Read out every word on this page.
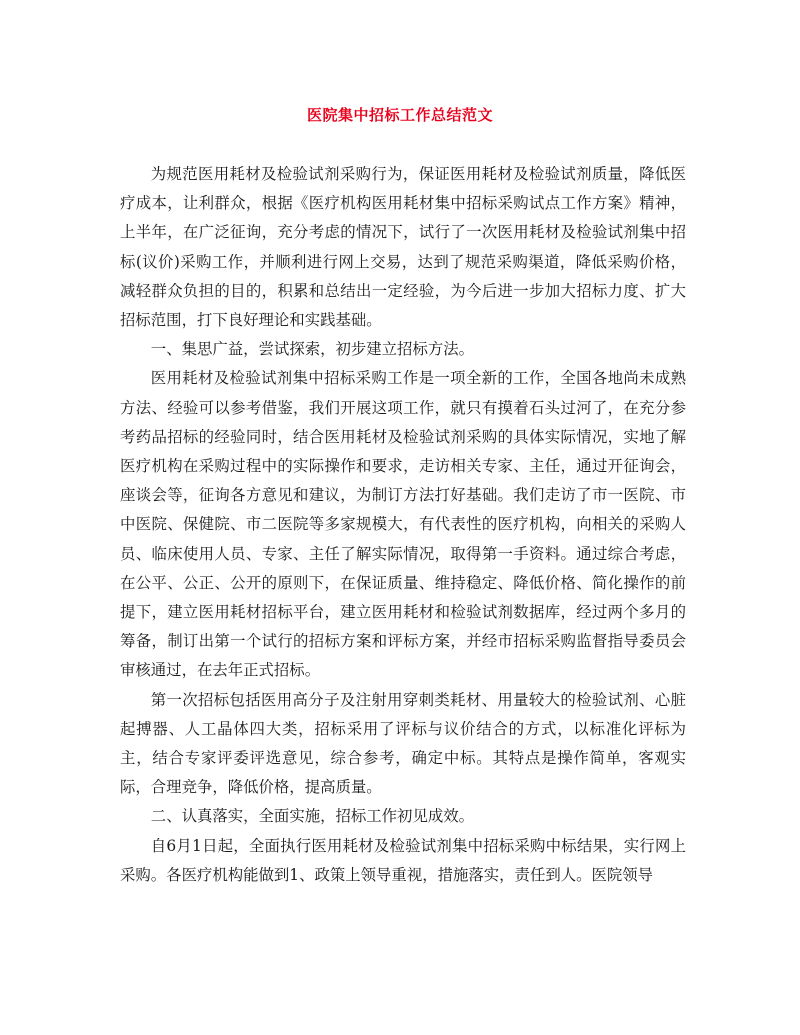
医院集中招标工作总结范文

为规范医用耗材及检验试剂采购行为，保证医用耗材及检验试剂质量，降低医疗成本，让利群众，根据《医疗机构医用耗材集中招标采购试点工作方案》精神，上半年，在广泛征询，充分考虑的情况下，试行了一次医用耗材及检验试剂集中招标(议价)采购工作，并顺利进行网上交易，达到了规范采购渠道，降低采购价格，减轻群众负担的目的，积累和总结出一定经验，为今后进一步加大招标力度、扩大招标范围，打下良好理论和实践基础。

一、集思广益，尝试探索，初步建立招标方法。

医用耗材及检验试剂集中招标采购工作是一项全新的工作，全国各地尚未成熟方法、经验可以参考借鉴，我们开展这项工作，就只有摸着石头过河了，在充分参考药品招标的经验同时，结合医用耗材及检验试剂采购的具体实际情况，实地了解医疗机构在采购过程中的实际操作和要求，走访相关专家、主任，通过开征询会，座谈会等，征询各方意见和建议，为制订方法打好基础。我们走访了市一医院、市中医院、保健院、市二医院等多家规模大，有代表性的医疗机构，向相关的采购人员、临床使用人员、专家、主任了解实际情况，取得第一手资料。通过综合考虑，在公平、公正、公开的原则下，在保证质量、维持稳定、降低价格、简化操作的前提下，建立医用耗材招标平台，建立医用耗材和检验试剂数据库，经过两个多月的筹备，制订出第一个试行的招标方案和评标方案，并经市招标采购监督指导委员会审核通过，在去年正式招标。

第一次招标包括医用高分子及注射用穿刺类耗材、用量较大的检验试剂、心脏起搏器、人工晶体四大类，招标采用了评标与议价结合的方式，以标准化评标为主，结合专家评委评选意见，综合参考，确定中标。其特点是操作简单，客观实际，合理竞争，降低价格，提高质量。

二、认真落实，全面实施，招标工作初见成效。

自6月1日起，全面执行医用耗材及检验试剂集中招标采购中标结果，实行网上采购。各医疗机构能做到1、政策上领导重视，措施落实，责任到人。医院领导
